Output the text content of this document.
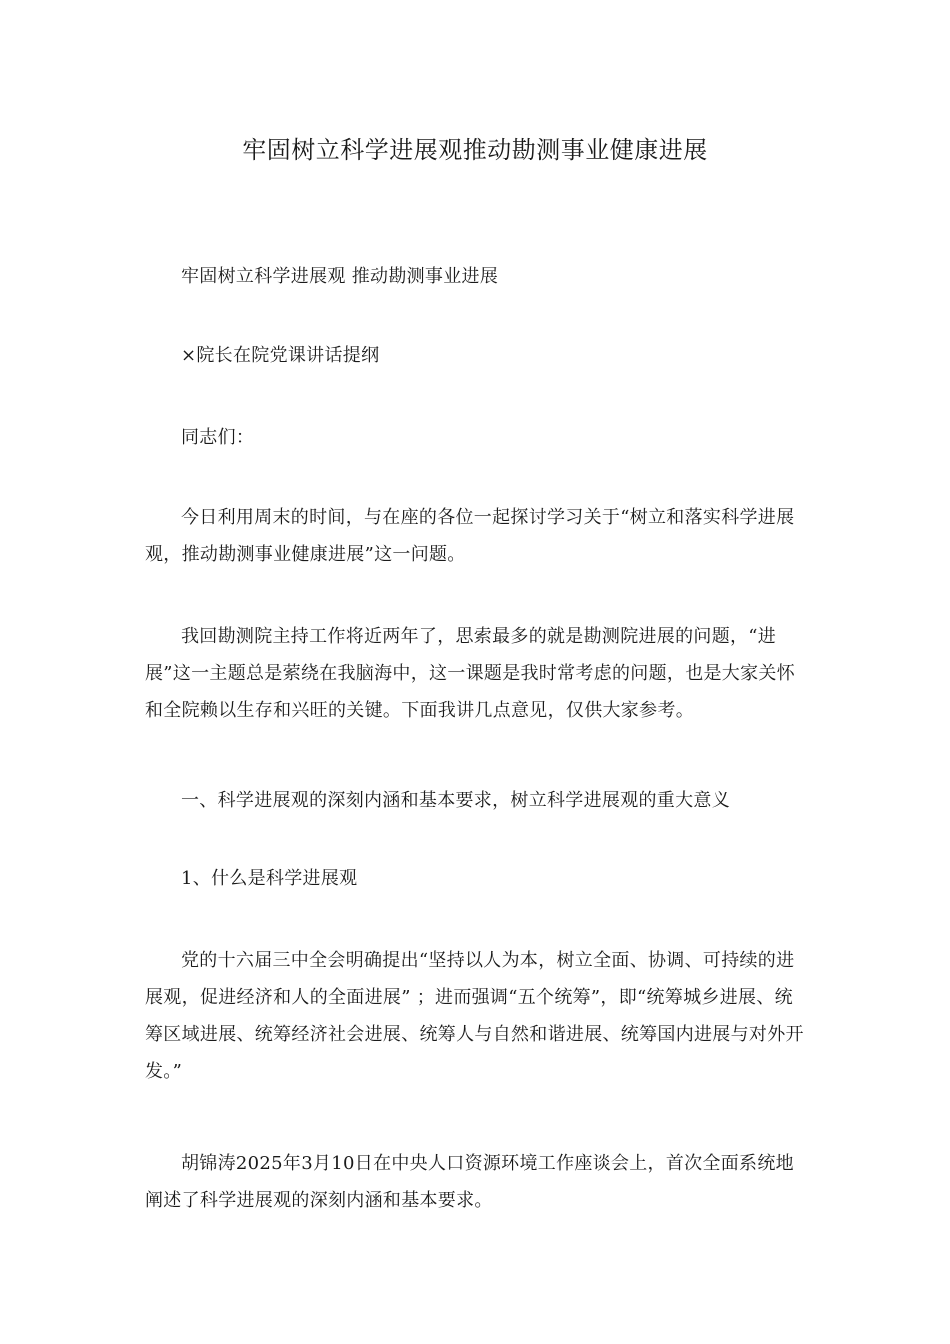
牢固树立科学进展观推动勘测事业健康进展

牢固树立科学进展观 推动勘测事业进展

×院长在院党课讲话提纲

同志们：

今日利用周末的时间，与在座的各位一起探讨学习关于“树立和落实科学进展观，推动勘测事业健康进展”这一问题。

我回勘测院主持工作将近两年了，思索最多的就是勘测院进展的问题，“进展”这一主题总是萦绕在我脑海中，这一课题是我时常考虑的问题，也是大家关怀和全院赖以生存和兴旺的关键。下面我讲几点意见，仅供大家参考。

一、科学进展观的深刻内涵和基本要求，树立科学进展观的重大意义

1、什么是科学进展观

党的十六届三中全会明确提出“坚持以人为本，树立全面、协调、可持续的进展观，促进经济和人的全面进展” ；进而强调“五个统筹”，即“统筹城乡进展、统筹区域进展、统筹经济社会进展、统筹人与自然和谐进展、统筹国内进展与对外开发。”

胡锦涛2025年3月10日在中央人口资源环境工作座谈会上，首次全面系统地阐述了科学进展观的深刻内涵和基本要求。
